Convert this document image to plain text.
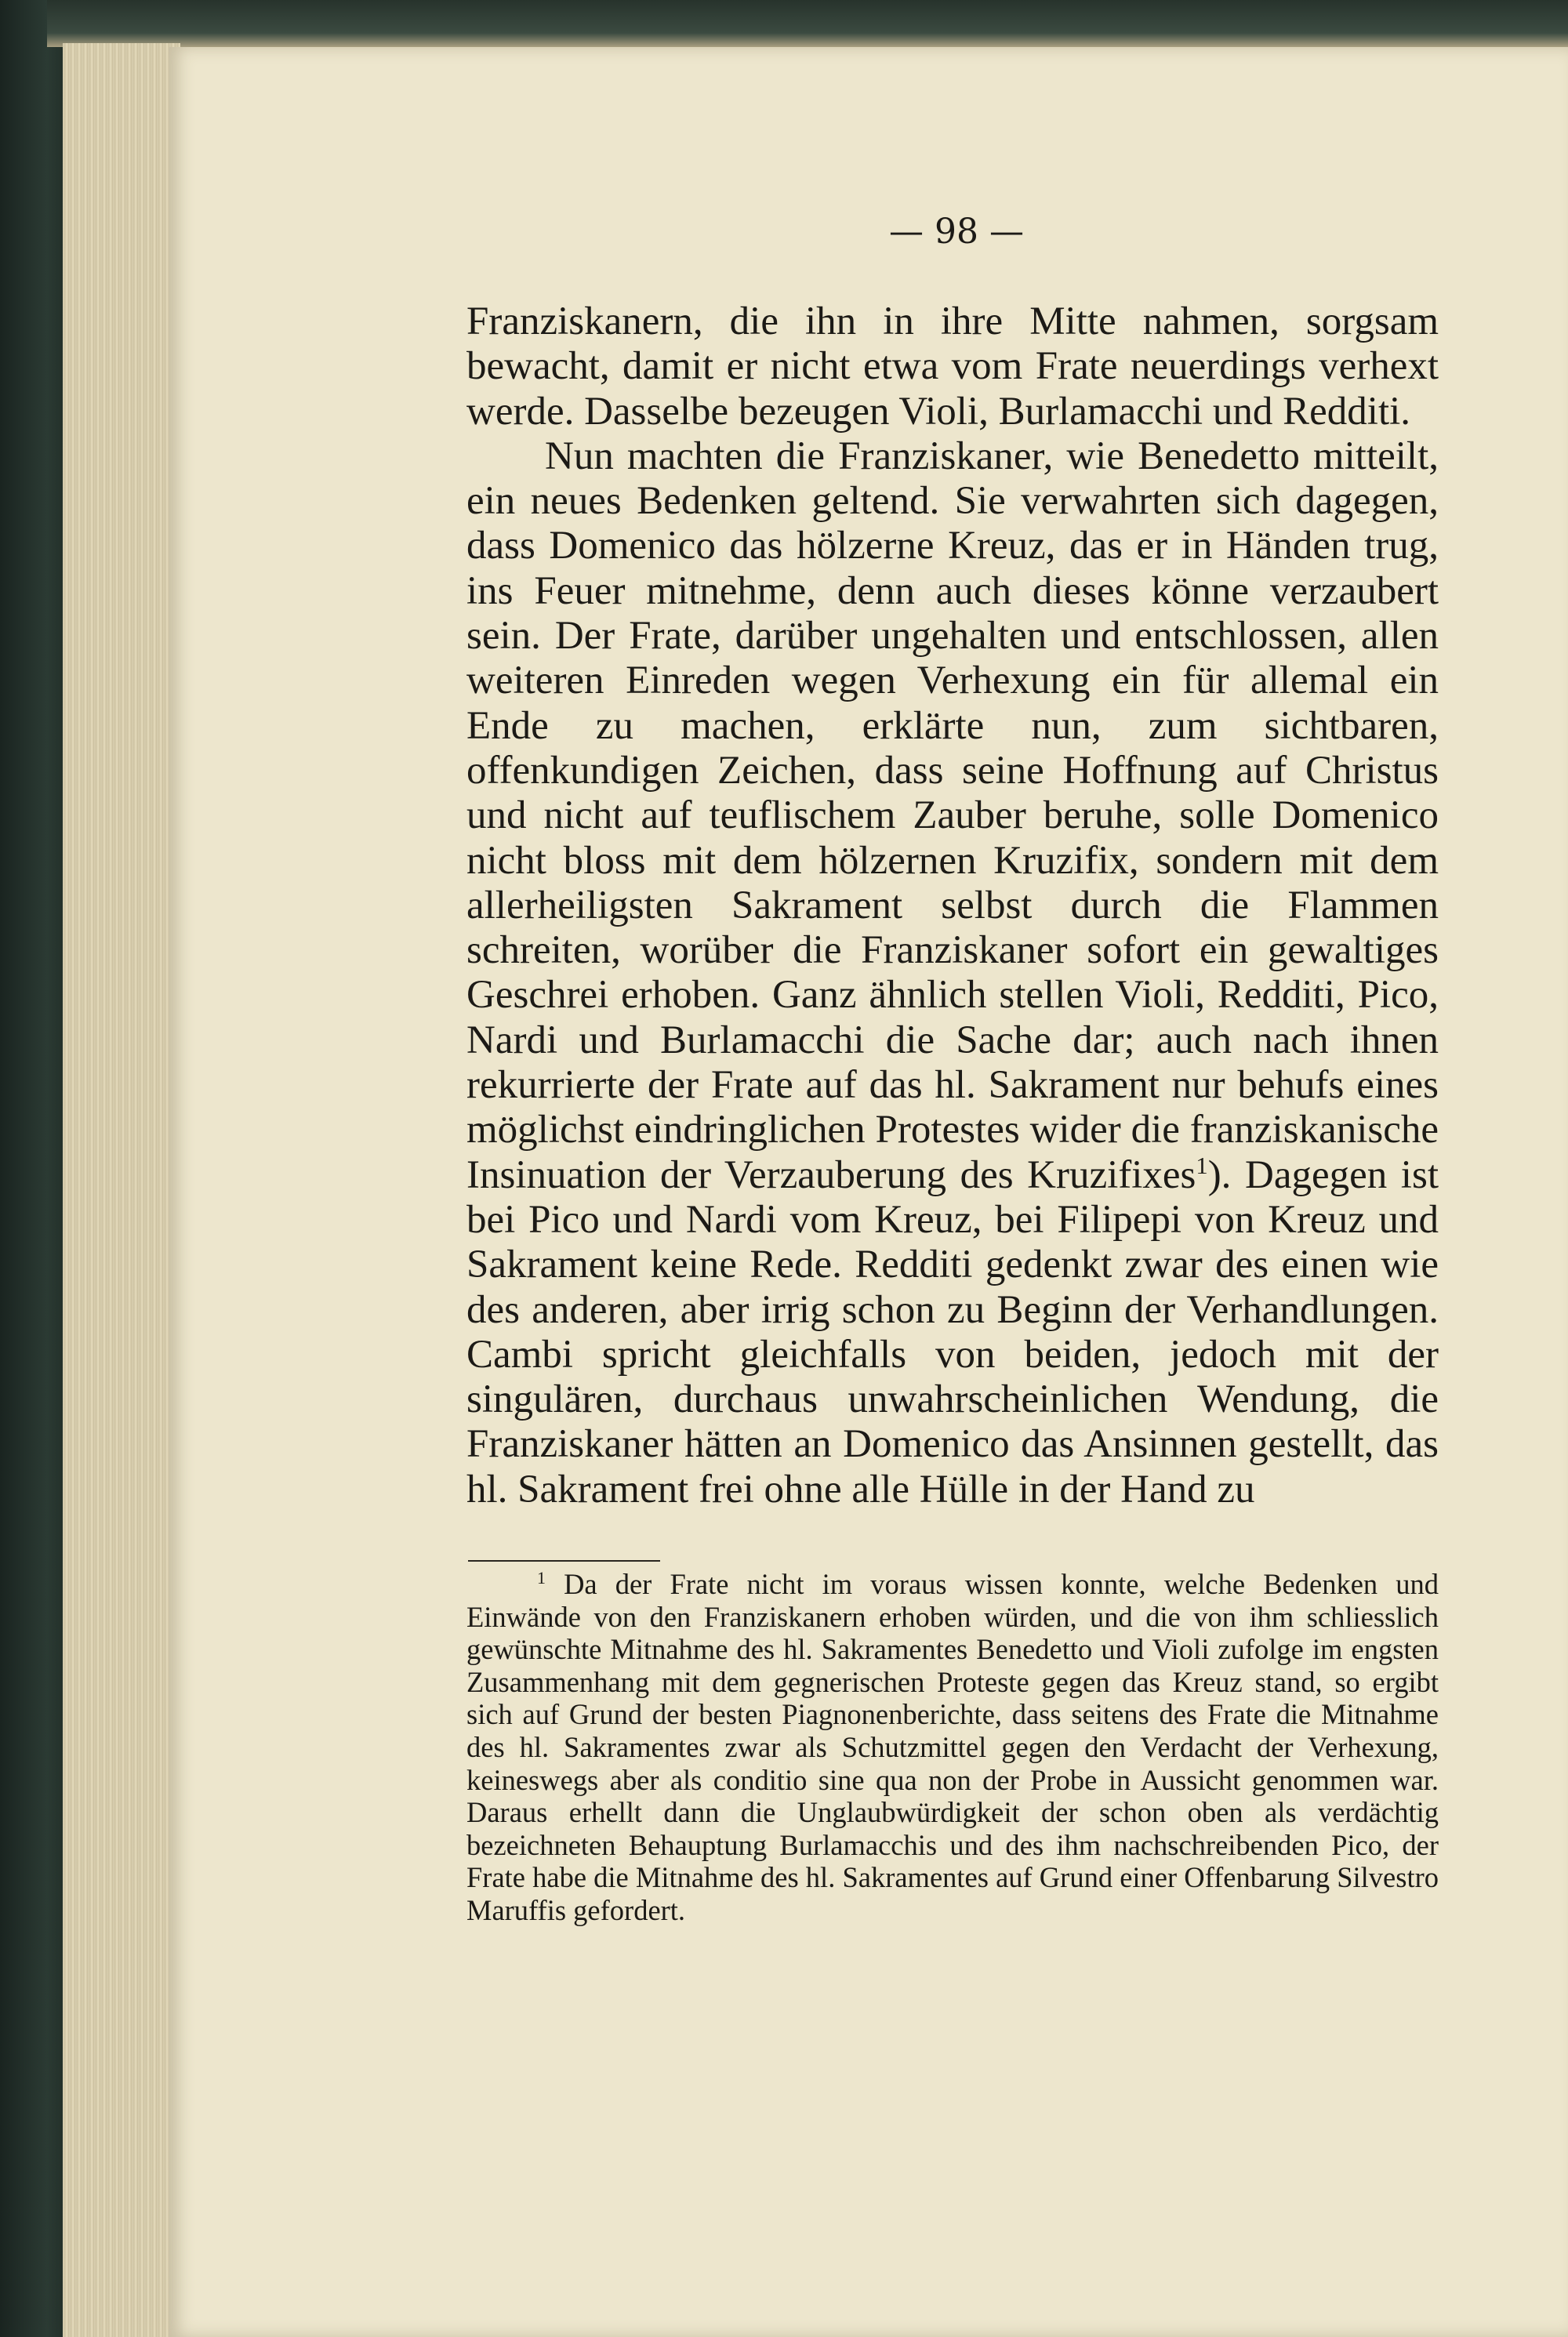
— 98 —

Franziskanern, die ihn in ihre Mitte nahmen, sorgsam bewacht, damit er nicht etwa vom Frate neuerdings verhext werde. Dasselbe bezeugen Violi, Burlamacchi und Redditi.

Nun machten die Franziskaner, wie Benedetto mitteilt, ein neues Bedenken geltend. Sie verwahrten sich dagegen, dass Domenico das hölzerne Kreuz, das er in Händen trug, ins Feuer mitnehme, denn auch dieses könne verzaubert sein. Der Frate, darüber ungehalten und entschlossen, allen weiteren Einreden wegen Verhexung ein für allemal ein Ende zu machen, erklärte nun, zum sichtbaren, offenkundigen Zeichen, dass seine Hoffnung auf Christus und nicht auf teuflischem Zauber beruhe, solle Domenico nicht bloss mit dem hölzernen Kruzifix, sondern mit dem allerheiligsten Sakrament selbst durch die Flammen schreiten, worüber die Franziskaner sofort ein gewaltiges Geschrei erhoben. Ganz ähnlich stellen Violi, Redditi, Pico, Nardi und Burlamacchi die Sache dar; auch nach ihnen rekurrierte der Frate auf das hl. Sakrament nur behufs eines möglichst eindringlichen Protestes wider die franziskanische Insinuation der Verzauberung des Kruzifixes$^1$). Dagegen ist bei Pico und Nardi vom Kreuz, bei Filipepi von Kreuz und Sakrament keine Rede. Redditi gedenkt zwar des einen wie des anderen, aber irrig schon zu Beginn der Verhandlungen. Cambi spricht gleichfalls von beiden, jedoch mit der singulären, durchaus unwahrscheinlichen Wendung, die Franziskaner hätten an Domenico das Ansinnen gestellt, das hl. Sakrament frei ohne alle Hülle in der Hand zu

$^1$ Da der Frate nicht im voraus wissen konnte, welche Bedenken und Einwände von den Franziskanern erhoben würden, und die von ihm schliesslich gewünschte Mitnahme des hl. Sakramentes Benedetto und Violi zufolge im engsten Zusammenhang mit dem gegnerischen Proteste gegen das Kreuz stand, so ergibt sich auf Grund der besten Piagnonenberichte, dass seitens des Frate die Mitnahme des hl. Sakramentes zwar als Schutzmittel gegen den Verdacht der Verhexung, keineswegs aber als conditio sine qua non der Probe in Aussicht genommen war. Daraus erhellt dann die Unglaubwürdigkeit der schon oben als verdächtig bezeichneten Behauptung Burlamacchis und des ihm nachschreibenden Pico, der Frate habe die Mitnahme des hl. Sakramentes auf Grund einer Offenbarung Silvestro Maruffis gefordert.
